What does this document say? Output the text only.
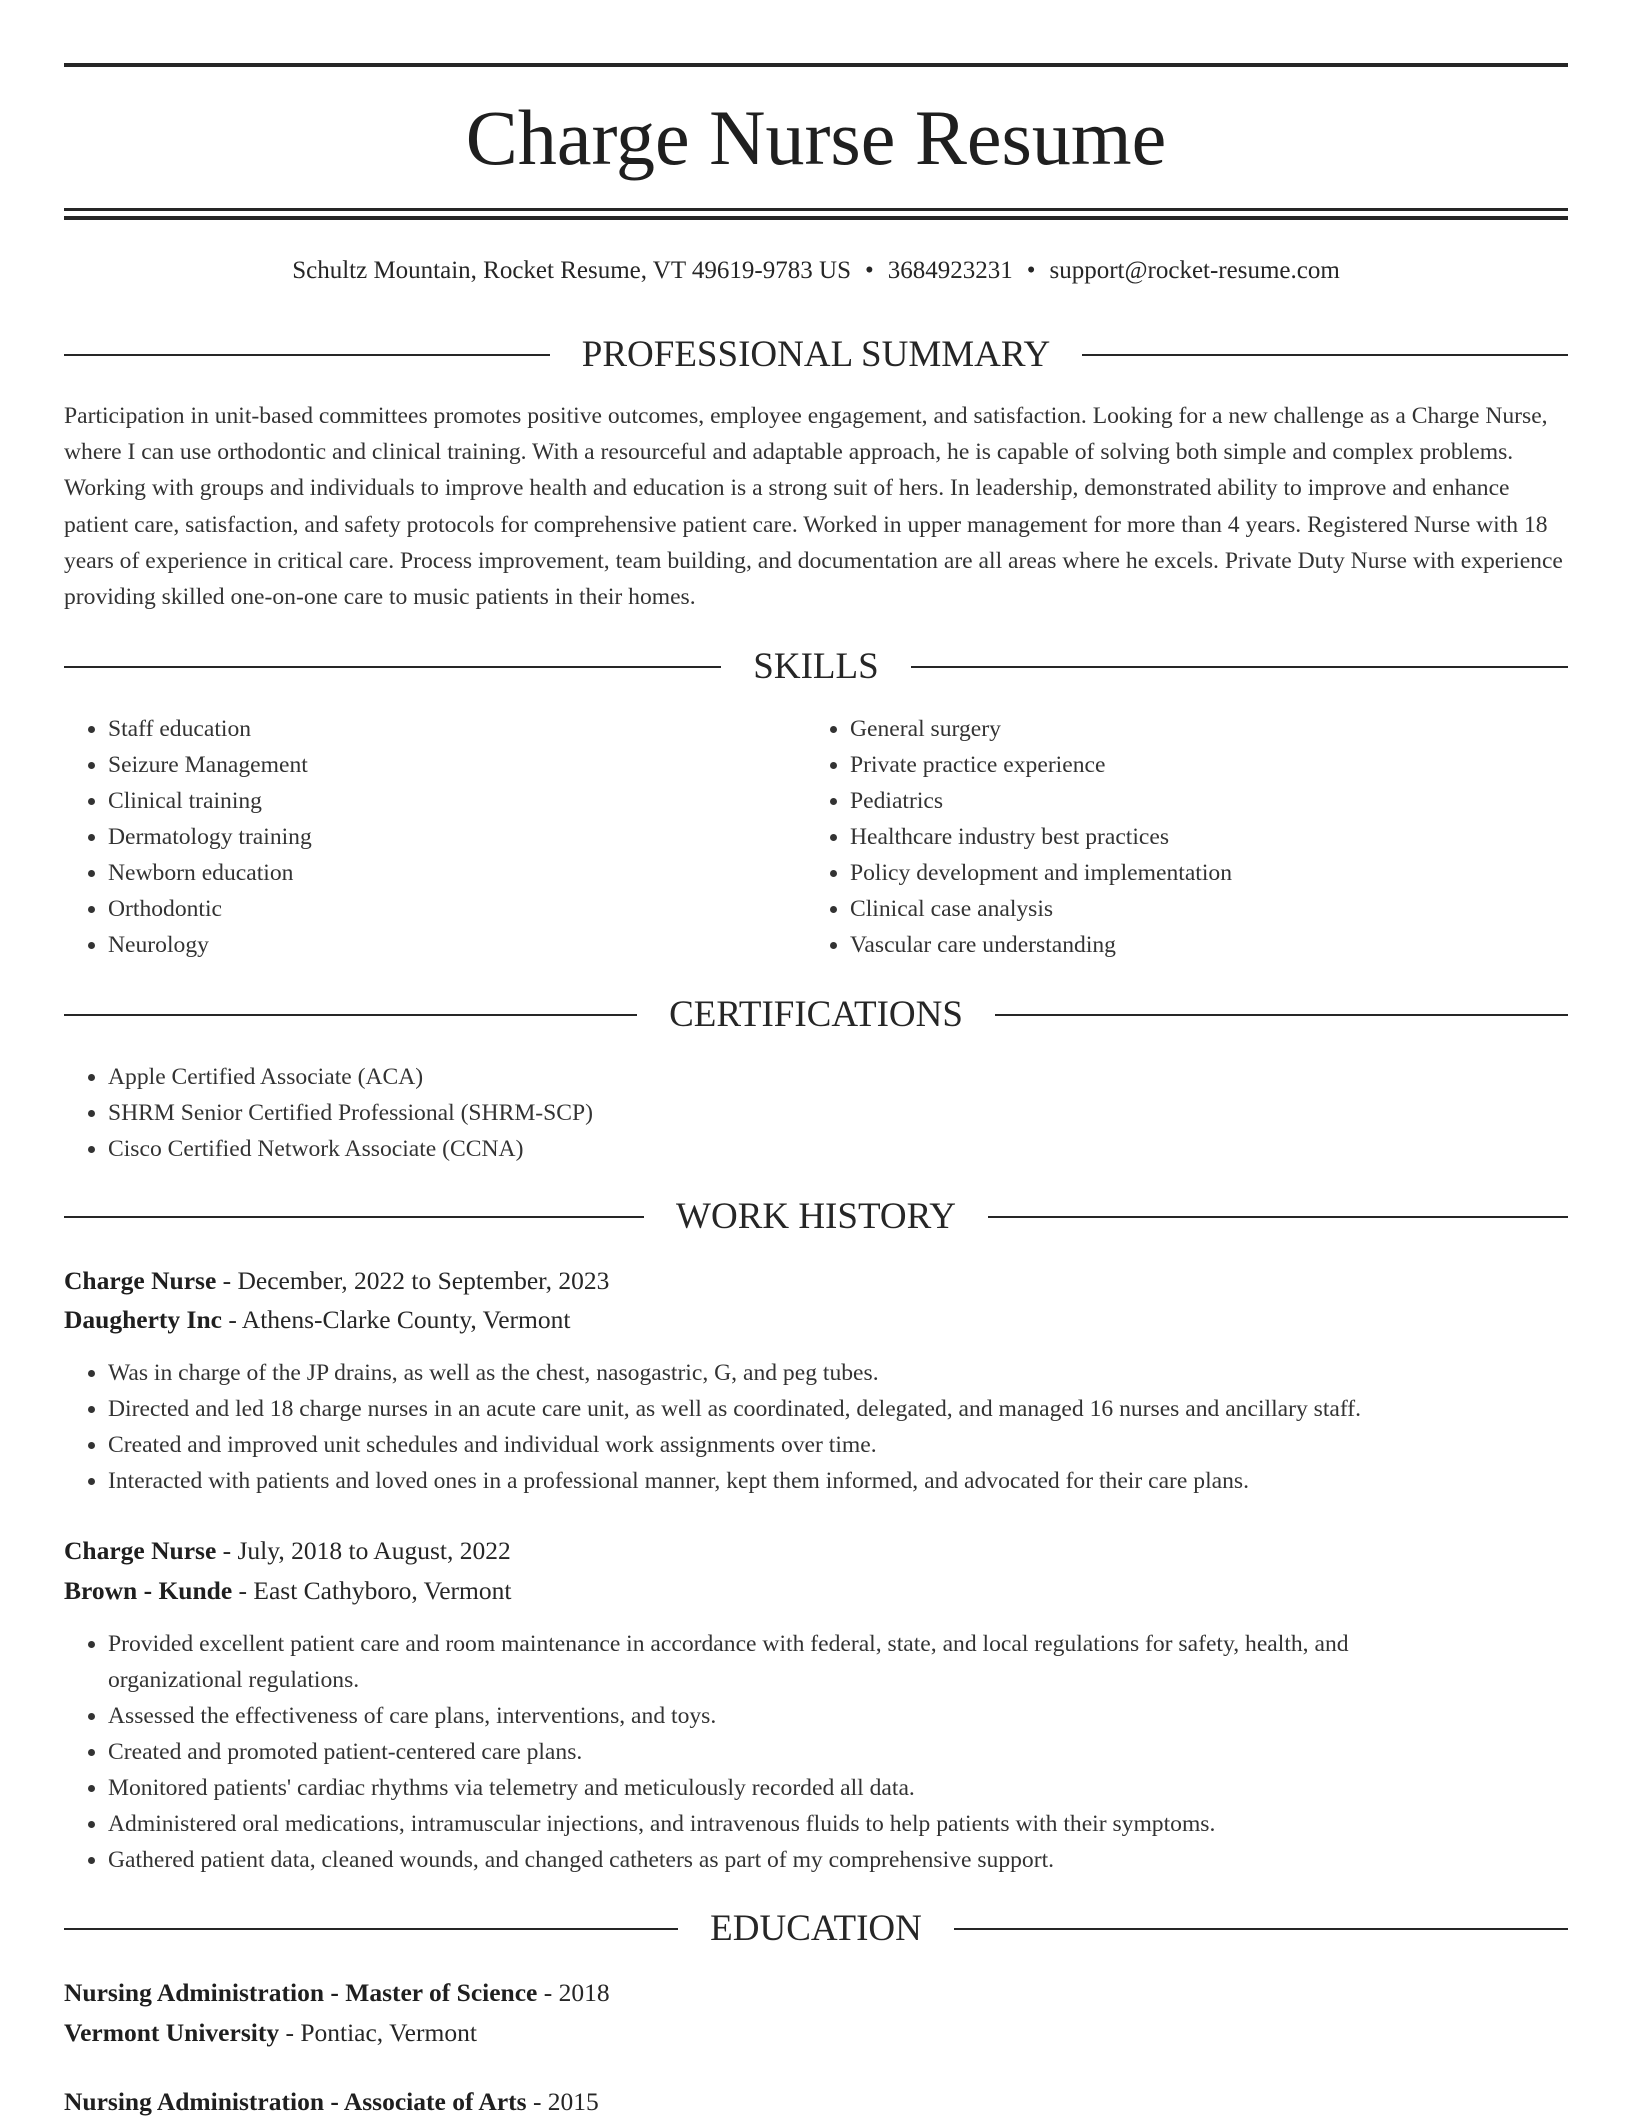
Charge Nurse Resume
Schultz Mountain, Rocket Resume, VT 49619-9783 US • 3684923231 • support@rocket-resume.com
PROFESSIONAL SUMMARY

Participation in unit-based committees promotes positive outcomes, employee engagement, and satisfaction. Looking for a new challenge as a Charge Nurse, where I can use orthodontic and clinical training. With a resourceful and adaptable approach, he is capable of solving both simple and complex problems. Working with groups and individuals to improve health and education is a strong suit of hers. In leadership, demonstrated ability to improve and enhance patient care, satisfaction, and safety protocols for comprehensive patient care. Worked in upper management for more than 4 years. Registered Nurse with 18 years of experience in critical care. Process improvement, team building, and documentation are all areas where he excels. Private Duty Nurse with experience providing skilled one-on-one care to music patients in their homes.

SKILLS
• Staff education
• Seizure Management
• Clinical training
• Dermatology training
• Newborn education
• Orthodontic
• Neurology
• General surgery
• Private practice experience
• Pediatrics
• Healthcare industry best practices
• Policy development and implementation
• Clinical case analysis
• Vascular care understanding
CERTIFICATIONS
• Apple Certified Associate (ACA)
• SHRM Senior Certified Professional (SHRM-SCP)
• Cisco Certified Network Associate (CCNA)
WORK HISTORY
Charge Nurse - December, 2022 to September, 2023
Daugherty Inc - Athens-Clarke County, Vermont
• Was in charge of the JP drains, as well as the chest, nasogastric, G, and peg tubes.
• Directed and led 18 charge nurses in an acute care unit, as well as coordinated, delegated, and managed 16 nurses and ancillary staff.
• Created and improved unit schedules and individual work assignments over time.
• Interacted with patients and loved ones in a professional manner, kept them informed, and advocated for their care plans.
Charge Nurse - July, 2018 to August, 2022
Brown - Kunde - East Cathyboro, Vermont
• Provided excellent patient care and room maintenance in accordance with federal, state, and local regulations for safety, health, and organizational regulations.
• Assessed the effectiveness of care plans, interventions, and toys.
• Created and promoted patient-centered care plans.
• Monitored patients' cardiac rhythms via telemetry and meticulously recorded all data.
• Administered oral medications, intramuscular injections, and intravenous fluids to help patients with their symptoms.
• Gathered patient data, cleaned wounds, and changed catheters as part of my comprehensive support.
EDUCATION
Nursing Administration - Master of Science - 2018
Vermont University - Pontiac, Vermont
Nursing Administration - Associate of Arts - 2015
